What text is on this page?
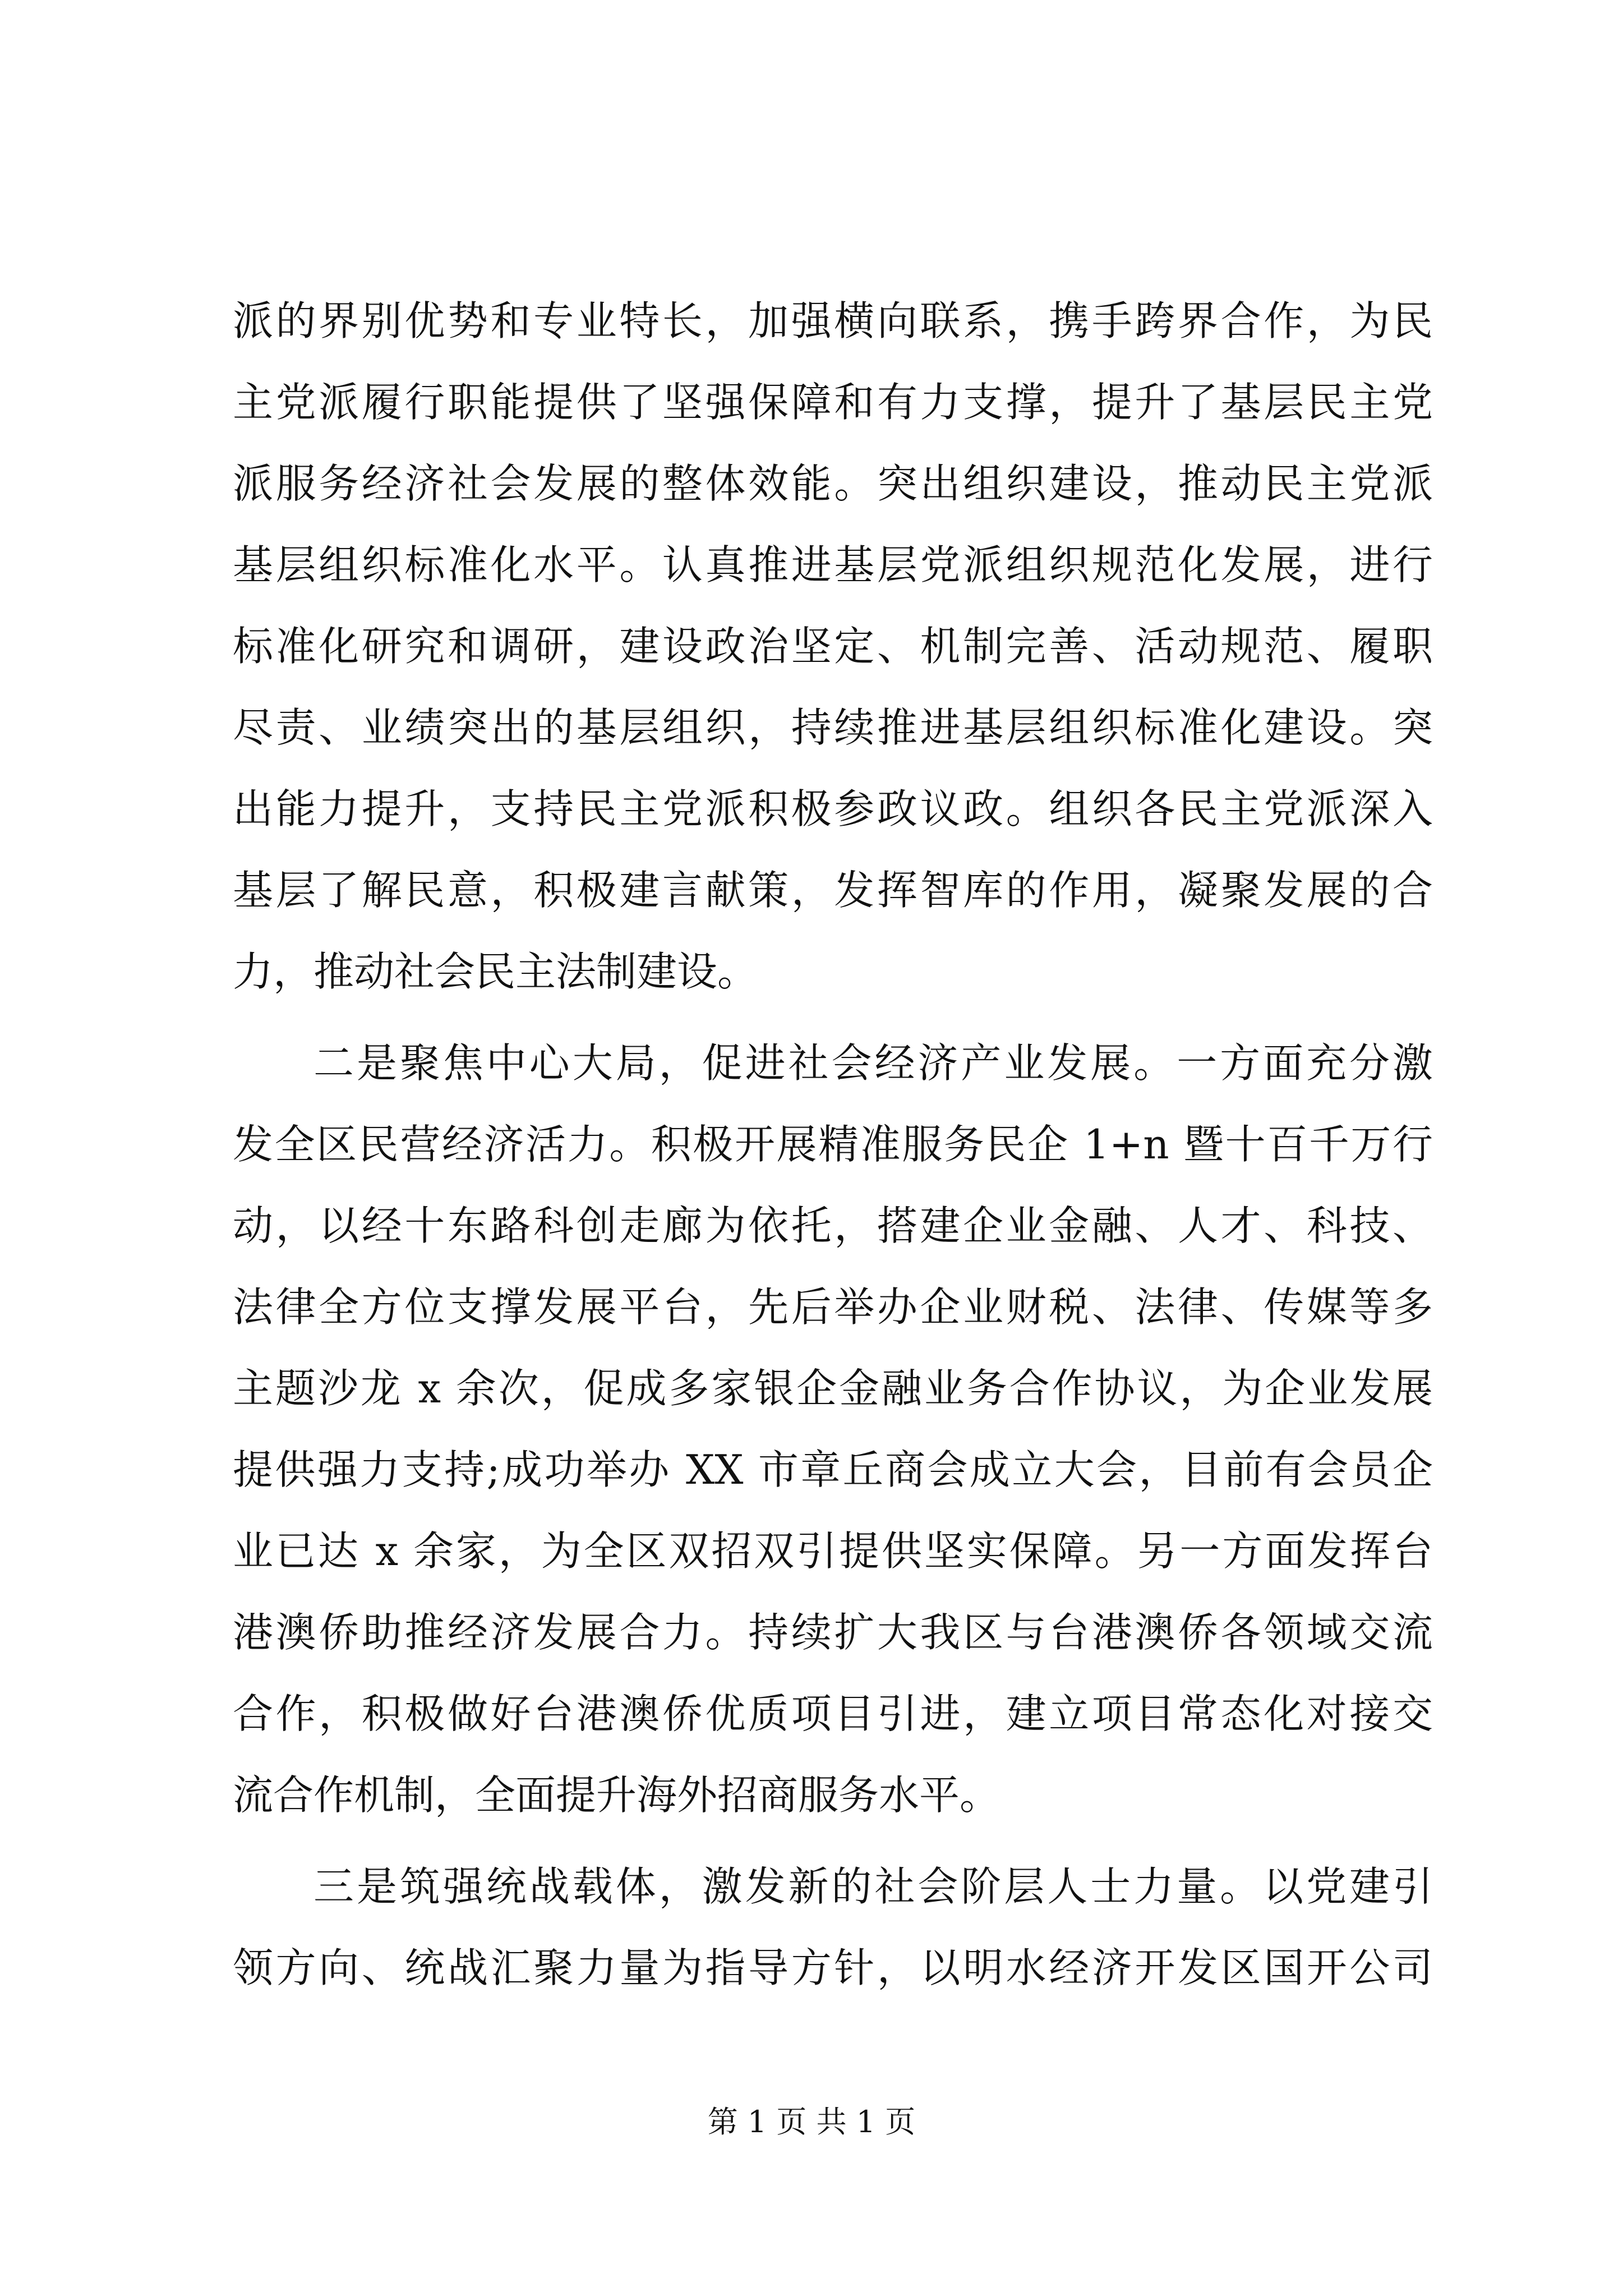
派的界别优势和专业特长，加强横向联系，携手跨界合作，为民
主党派履行职能提供了坚强保障和有力支撑，提升了基层民主党
派服务经济社会发展的整体效能。突出组织建设，推动民主党派
基层组织标准化水平。认真推进基层党派组织规范化发展，进行
标准化研究和调研，建设政治坚定、机制完善、活动规范、履职
尽责、业绩突出的基层组织，持续推进基层组织标准化建设。突
出能力提升，支持民主党派积极参政议政。组织各民主党派深入
基层了解民意，积极建言献策，发挥智库的作用，凝聚发展的合
力，推动社会民主法制建设。
二是聚焦中心大局，促进社会经济产业发展。一方面充分激
发全区民营经济活力。积极开展精准服务民企 1+n 暨十百千万行
动，以经十东路科创走廊为依托，搭建企业金融、人才、科技、
法律全方位支撑发展平台，先后举办企业财税、法律、传媒等多
主题沙龙 x 余次，促成多家银企金融业务合作协议，为企业发展
提供强力支持;成功举办 XX 市章丘商会成立大会，目前有会员企
业已达 x 余家，为全区双招双引提供坚实保障。另一方面发挥台
港澳侨助推经济发展合力。持续扩大我区与台港澳侨各领域交流
合作，积极做好台港澳侨优质项目引进，建立项目常态化对接交
流合作机制，全面提升海外招商服务水平。
三是筑强统战载体，激发新的社会阶层人士力量。以党建引
领方向、统战汇聚力量为指导方针，以明水经济开发区国开公司
第 1 页 共 1 页
